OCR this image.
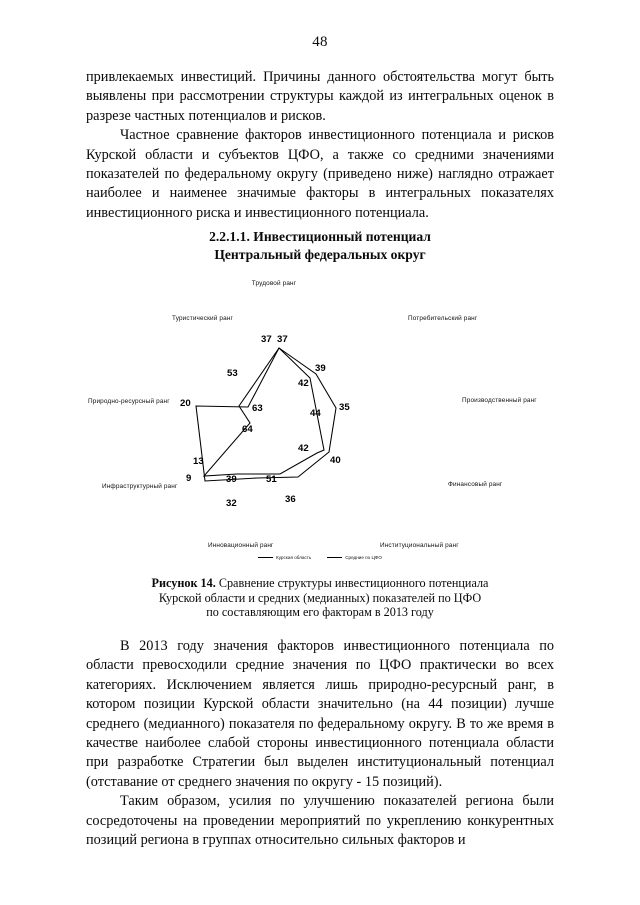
48

привлекаемых инвестиций. Причины данного обстоятельства могут быть выявлены при рассмотрении структуры каждой из интегральных оценок в разрезе частных потенциалов и рисков.

Частное сравнение факторов инвестиционного потенциала и рисков Курской области и субъектов ЦФО, а также со средними значениями показателей по федеральному округу (приведено ниже) наглядно отражает наиболее и наименее значимые факторы в интегральных показателях инвестиционного риска и инвестиционного потенциала.

2.2.1.1. Инвестиционный потенциал
Центральный федеральных округ
Трудовой ранг
Потребительский ранг
Производственный ранг
Финансовый ранг
Институциональный ранг
Инновационный ранг
Инфраструктурный ранг
Природно-ресурсный ранг
Туристический ранг
37 37
39
42
35
44
40
42
36
51
32
39
9
13
20
64
53
63
Курская область	Средние по ЦФО
Рисунок 14. Сравнение структуры инвестиционного потенциала
Курской области и средних (медианных) показателей по ЦФО
по составляющим его факторам в 2013 году

В 2013 году значения факторов инвестиционного потенциала по области превосходили средние значения по ЦФО практически во всех категориях. Исключением является лишь природно-ресурсный ранг, в котором позиции Курской области значительно (на 44 позиции) лучше среднего (медианного) показателя по федеральному округу. В то же время в качестве наиболее слабой стороны инвестиционного потенциала области при разработке Стратегии был выделен институциональный потенциал (отставание от среднего значения по округу - 15 позиций).

Таким образом, усилия по улучшению показателей региона были сосредоточены на проведении мероприятий по укреплению конкурентных позиций региона в группах относительно сильных факторов и
